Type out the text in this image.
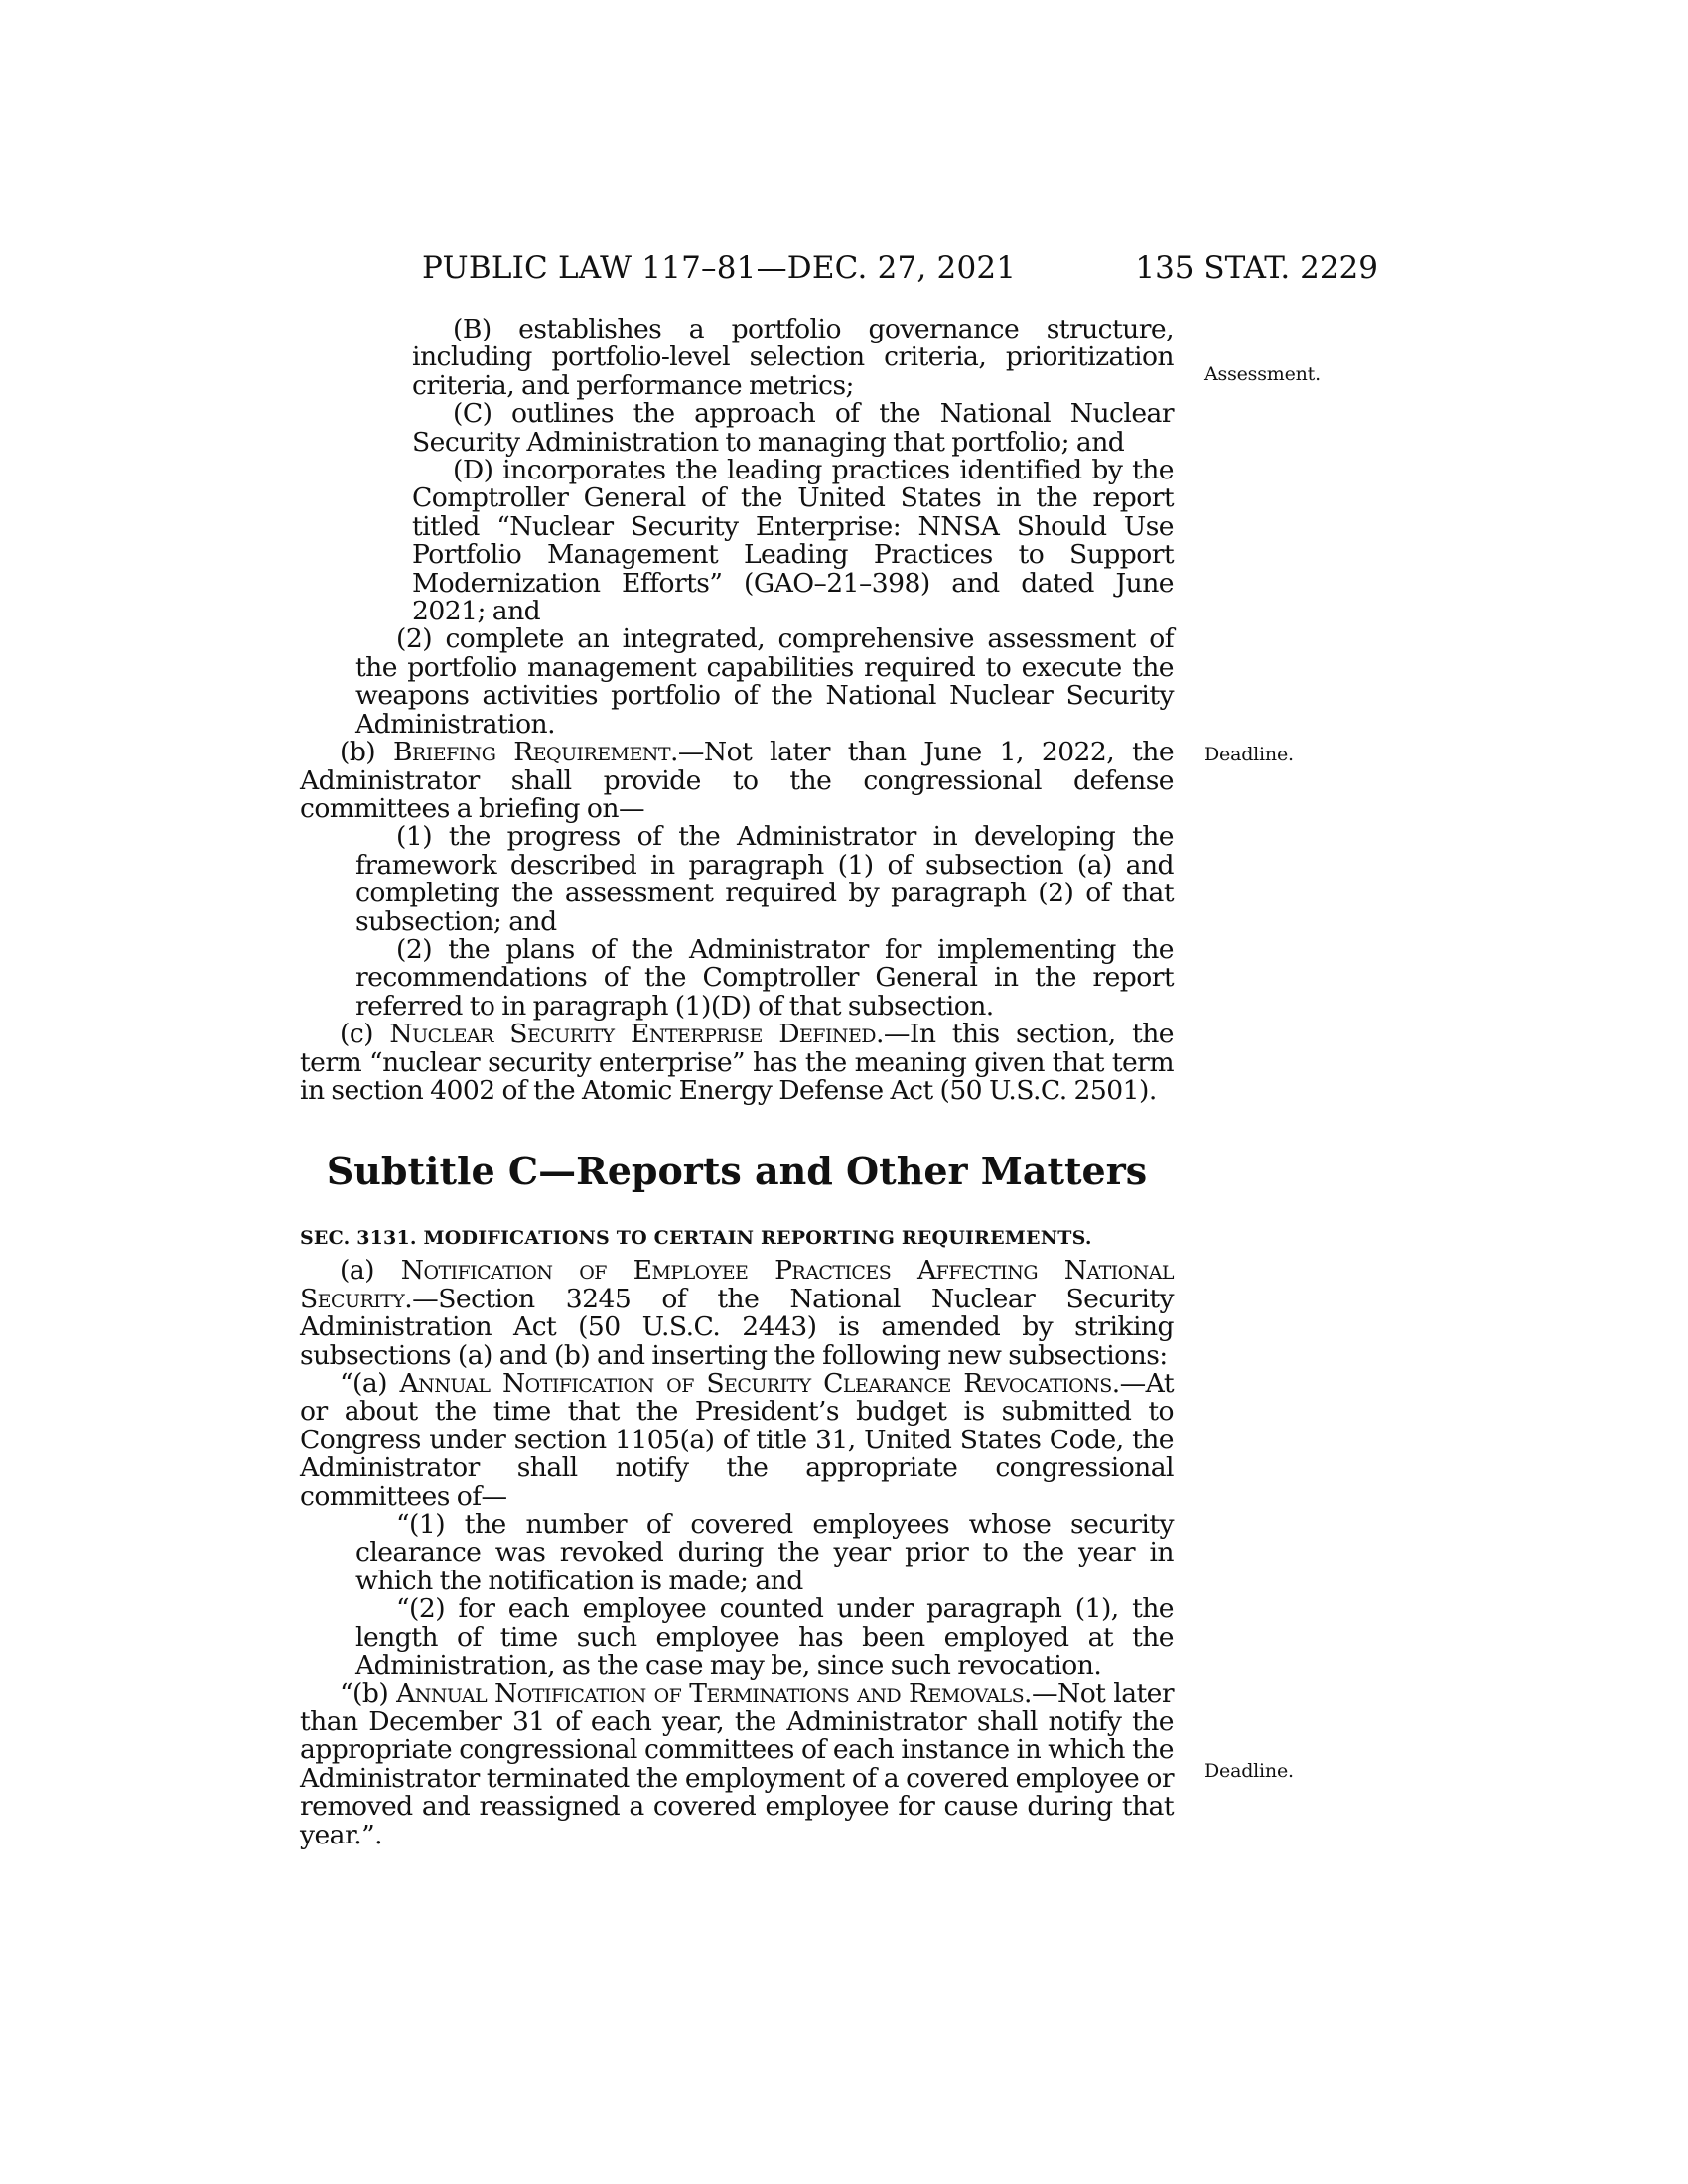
PUBLIC LAW 117–81—DEC. 27, 2021	135 STAT. 2229

(B) establishes a portfolio governance structure, including portfolio-level selection criteria, prioritization criteria, and performance metrics;

(C) outlines the approach of the National Nuclear Security Administration to managing that portfolio; and

(D) incorporates the leading practices identified by the Comptroller General of the United States in the report titled “Nuclear Security Enterprise: NNSA Should Use Portfolio Management Leading Practices to Support Modernization Efforts” (GAO–21–398) and dated June 2021; and

(2) complete an integrated, comprehensive assessment of the portfolio management capabilities required to execute the weapons activities portfolio of the National Nuclear Security Administration.

(b) Briefing Requirement.—Not later than June 1, 2022, the Administrator shall provide to the congressional defense committees a briefing on—

(1) the progress of the Administrator in developing the framework described in paragraph (1) of subsection (a) and completing the assessment required by paragraph (2) of that subsection; and

(2) the plans of the Administrator for implementing the recommendations of the Comptroller General in the report referred to in paragraph (1)(D) of that subsection.

(c) Nuclear Security Enterprise Defined.—In this section, the term “nuclear security enterprise” has the meaning given that term in section 4002 of the Atomic Energy Defense Act (50 U.S.C. 2501).

Subtitle C—Reports and Other Matters
SEC. 3131. MODIFICATIONS TO CERTAIN REPORTING REQUIREMENTS.

(a) Notification of Employee Practices Affecting National Security.—Section 3245 of the National Nuclear Security Administration Act (50 U.S.C. 2443) is amended by striking subsections (a) and (b) and inserting the following new subsections:

“(a) Annual Notification of Security Clearance Revocations.—At or about the time that the President’s budget is submitted to Congress under section 1105(a) of title 31, United States Code, the Administrator shall notify the appropriate congressional committees of—

“(1) the number of covered employees whose security clearance was revoked during the year prior to the year in which the notification is made; and

“(2) for each employee counted under paragraph (1), the length of time such employee has been employed at the Administration, as the case may be, since such revocation.

“(b) Annual Notification of Terminations and Removals.—Not later than December 31 of each year, the Administrator shall notify the appropriate congressional committees of each instance in which the Administrator terminated the employment of a covered employee or removed and reassigned a covered employee for cause during that year.”.

Assessment.
Deadline.
Deadline.
